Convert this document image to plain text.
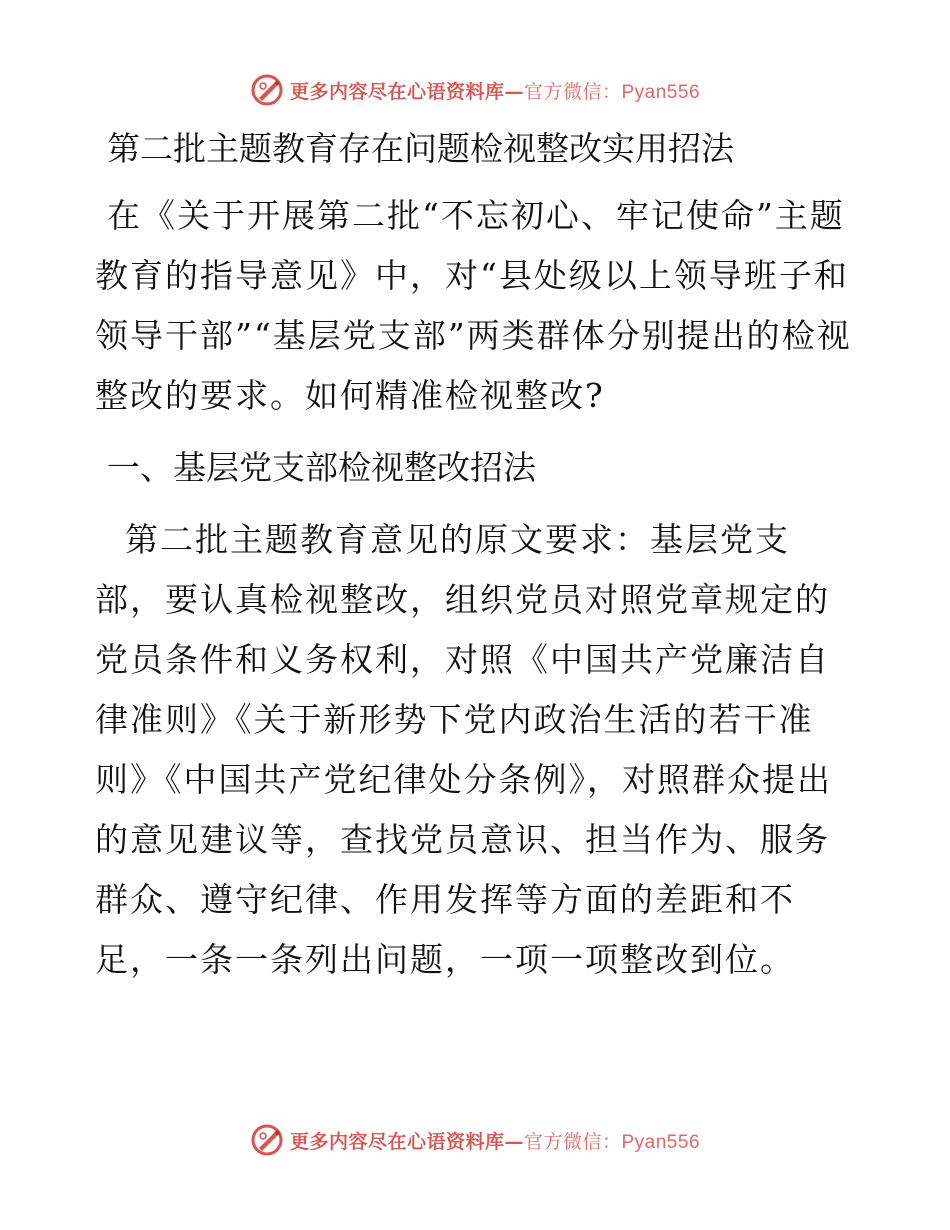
更多内容尽在心语资料库—官方微信：Pyan556
第二批主题教育存在问题检视整改实用招法

在《关于开展第二批“不忘初心、牢记使命”主题教育的指导意见》中，对“县处级以上领导班子和领导干部”“基层党支部”两类群体分别提出的检视整改的要求。如何精准检视整改?

一、基层党支部检视整改招法

第二批主题教育意见的原文要求：基层党支部，要认真检视整改，组织党员对照党章规定的党员条件和义务权利，对照《中国共产党廉洁自律准则》《关于新形势下党内政治生活的若干准则》《中国共产党纪律处分条例》，对照群众提出的意见建议等，查找党员意识、担当作为、服务群众、遵守纪律、作用发挥等方面的差距和不足，一条一条列出问题，一项一项整改到位。

更多内容尽在心语资料库—官方微信：Pyan556
